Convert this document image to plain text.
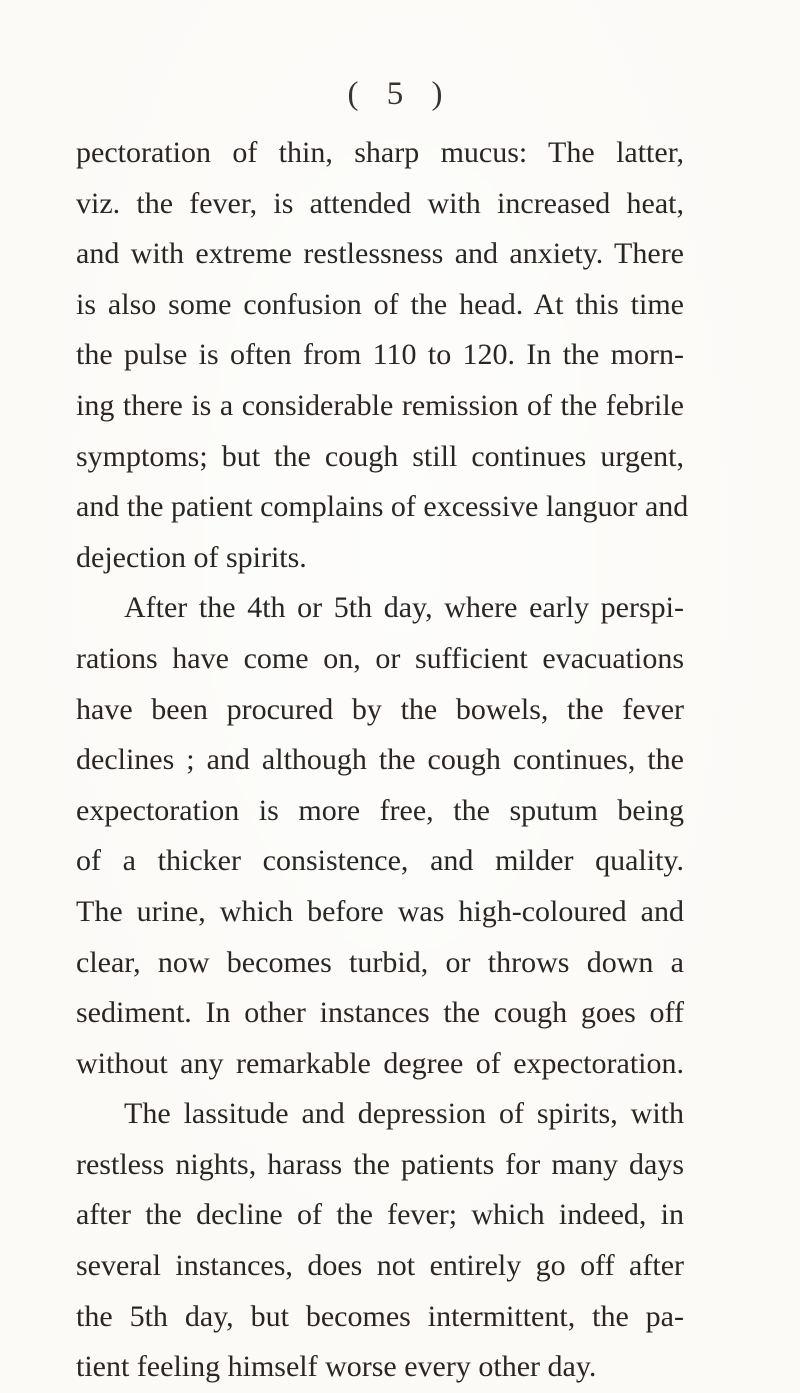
( 5 )
pectoration of thin, sharp mucus: The latter,
viz. the fever, is attended with increased heat,
and with extreme restlessness and anxiety. There
is also some confusion of the head. At this time
the pulse is often from 110 to 120. In the morn-
ing there is a considerable remission of the febrile
symptoms; but the cough still continues urgent,
and the patient complains of excessive languor and
dejection of spirits.
After the 4th or 5th day, where early perspi-
rations have come on, or sufficient evacuations
have been procured by the bowels, the fever
declines ; and although the cough continues, the
expectoration is more free, the sputum being
of a thicker consistence, and milder quality.
The urine, which before was high-coloured and
clear, now becomes turbid, or throws down a
sediment. In other instances the cough goes off
without any remarkable degree of expectoration.
The lassitude and depression of spirits, with
restless nights, harass the patients for many days
after the decline of the fever; which indeed, in
several instances, does not entirely go off after
the 5th day, but becomes intermittent, the pa-
tient feeling himself worse every other day.
